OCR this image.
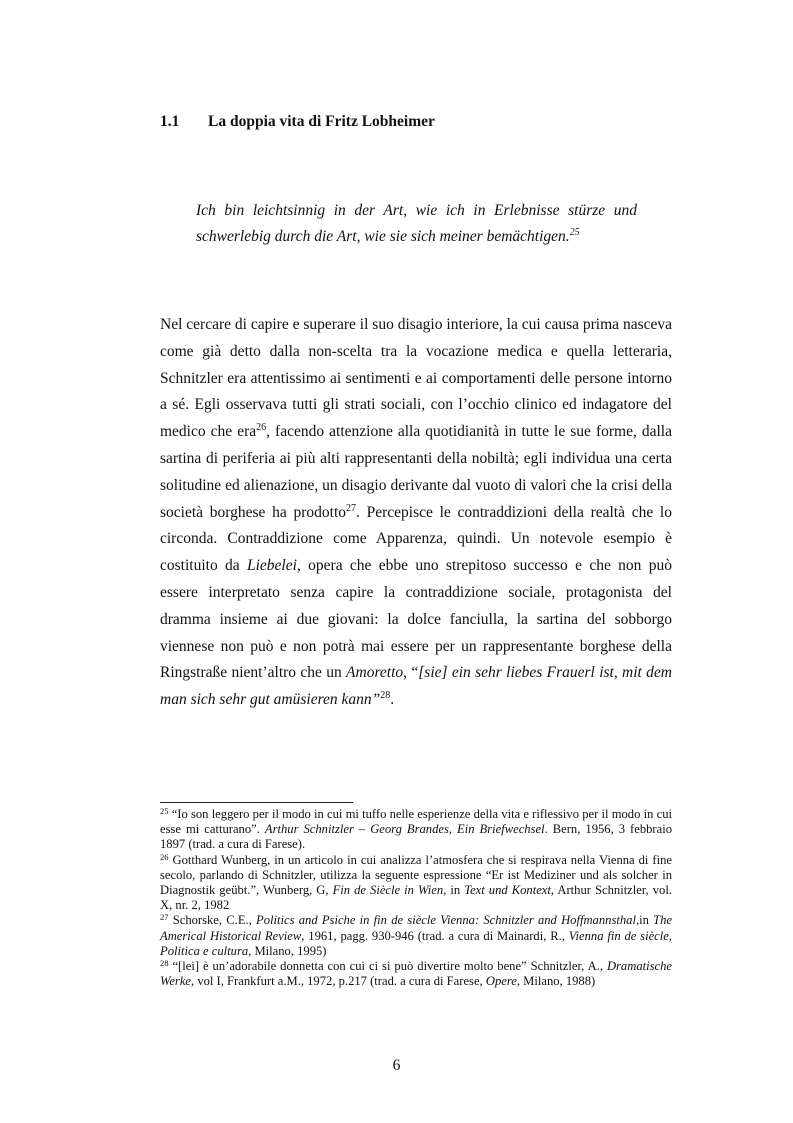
1.1 La doppia vita di Fritz Lobheimer
Ich bin leichtsinnig in der Art, wie ich in Erlebnisse stürze und schwerlebig durch die Art, wie sie sich meiner bemächtigen.$^{25}$
Nel cercare di capire e superare il suo disagio interiore, la cui causa prima nasceva come già detto dalla non-scelta tra la vocazione medica e quella letteraria, Schnitzler era attentissimo ai sentimenti e ai comportamenti delle persone intorno a sé. Egli osservava tutti gli strati sociali, con l’occhio clinico ed indagatore del medico che era$^{26}$, facendo attenzione alla quotidianità in tutte le sue forme, dalla sartina di periferia ai più alti rappresentanti della nobiltà; egli individua una certa solitudine ed alienazione, un disagio derivante dal vuoto di valori che la crisi della società borghese ha prodotto$^{27}$. Percepisce le contraddizioni della realtà che lo circonda. Contraddizione come Apparenza, quindi. Un notevole esempio è costituito da Liebelei, opera che ebbe uno strepitoso successo e che non può essere interpretato senza capire la contraddizione sociale, protagonista del dramma insieme ai due giovani: la dolce fanciulla, la sartina del sobborgo viennese non può e non potrà mai essere per un rappresentante borghese della Ringstraße nient’altro che un Amoretto, “[sie] ein sehr liebes Frauerl ist, mit dem man sich sehr gut amüsieren kann”$^{28}$.

$^{25}$ “Io son leggero per il modo in cui mi tuffo nelle esperienze della vita e riflessivo per il modo in cui esse mi catturano”. Arthur Schnitzler – Georg Brandes, Ein Briefwechsel. Bern, 1956, 3 febbraio 1897 (trad. a cura di Farese).

$^{26}$ Gotthard Wunberg, in un articolo in cui analizza l’atmosfera che si respirava nella Vienna di fine secolo, parlando di Schnitzler, utilizza la seguente espressione “Er ist Mediziner und als solcher in Diagnostik geübt.”, Wunberg, G, Fin de Siècle in Wien, in Text und Kontext, Arthur Schnitzler, vol. X, nr. 2, 1982

$^{27}$ Schorske, C.E., Politics and Psiche in fin de siècle Vienna: Schnitzler and Hoffmannsthal,in The Americal Historical Review, 1961, pagg. 930-946 (trad. a cura di Mainardi, R., Vienna fin de siècle, Politica e cultura, Milano, 1995)

$^{28}$ “[lei] è un’adorabile donnetta con cui ci si può divertire molto bene” Schnitzler, A., Dramatische Werke, vol I, Frankfurt a.M., 1972, p.217 (trad. a cura di Farese, Opere, Milano, 1988)

6
